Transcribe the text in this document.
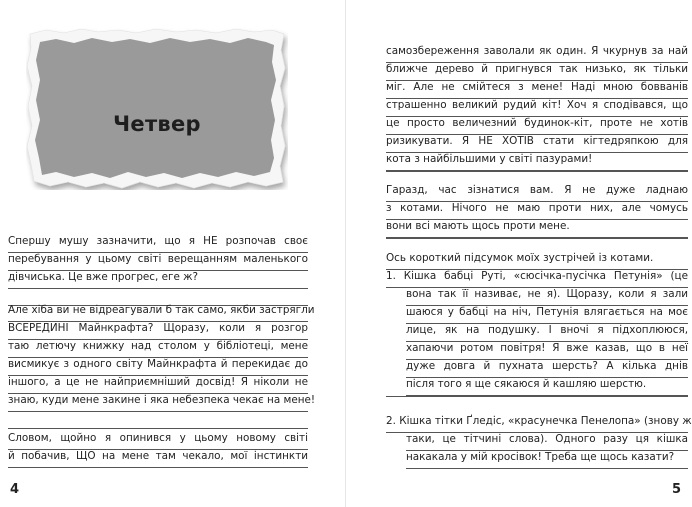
Четвер
Спершу мушу зазначити, що я НЕ розпочав своє
перебування у цьому світі верещанням маленького
дівчиська. Це вже прогрес, еге ж?
Але хіба ви не відреагували б так само, якби застрягли
ВСЕРЕДИНІ Майнкрафта? Щоразу, коли я розгор
таю летючу книжку над столом у бібліотеці, мене
висмикує з одного світу Майнкрафта й перекидає до
іншого, а це не найприємніший досвід! Я ніколи не
знаю, куди мене закине і яка небезпека чекає на мене!
Словом, щойно я опинився у цьому новому світі
й побачив, ЩО на мене там чекало, мої інстинкти
4
самозбереження заволали як один. Я чкурнув за най
ближче дерево й пригнувся так низько, як тільки
міг. Але не смійтеся з мене! Наді мною бовванів
страшенно великий рудий кіт! Хоч я сподівався, що
це просто величезний будинок-кіт, проте не хотів
ризикувати. Я НЕ ХОТІВ стати кігтедряпкою для
кота з найбільшими у світі пазурами!
Гаразд, час зізнатися вам. Я не дуже ладнаю
з котами. Нічого не маю проти них, але чомусь
вони всі мають щось проти мене.
Ось короткий підсумок моїх зустрічей із котами.
1. Кішка бабці Руті, «сюсічка-пусічка Петунія» (це
вона так її називає, не я). Щоразу, коли я зали
шаюся у бабці на ніч, Петунія влягається на моє
лице, як на подушку. І вночі я підхоплююся,
хапаючи ротом повітря! Я вже казав, що в неї
дуже довга й пухната шерсть? А кілька днів
після того я ще сякаюся й кашляю шерстю.
2. Кішка тітки Ґледіс, «красунечка Пенелопа» (знову ж
таки, це тітчині слова). Одного разу ця кішка
накакала у мій кросівок! Треба ще щось казати?
5
